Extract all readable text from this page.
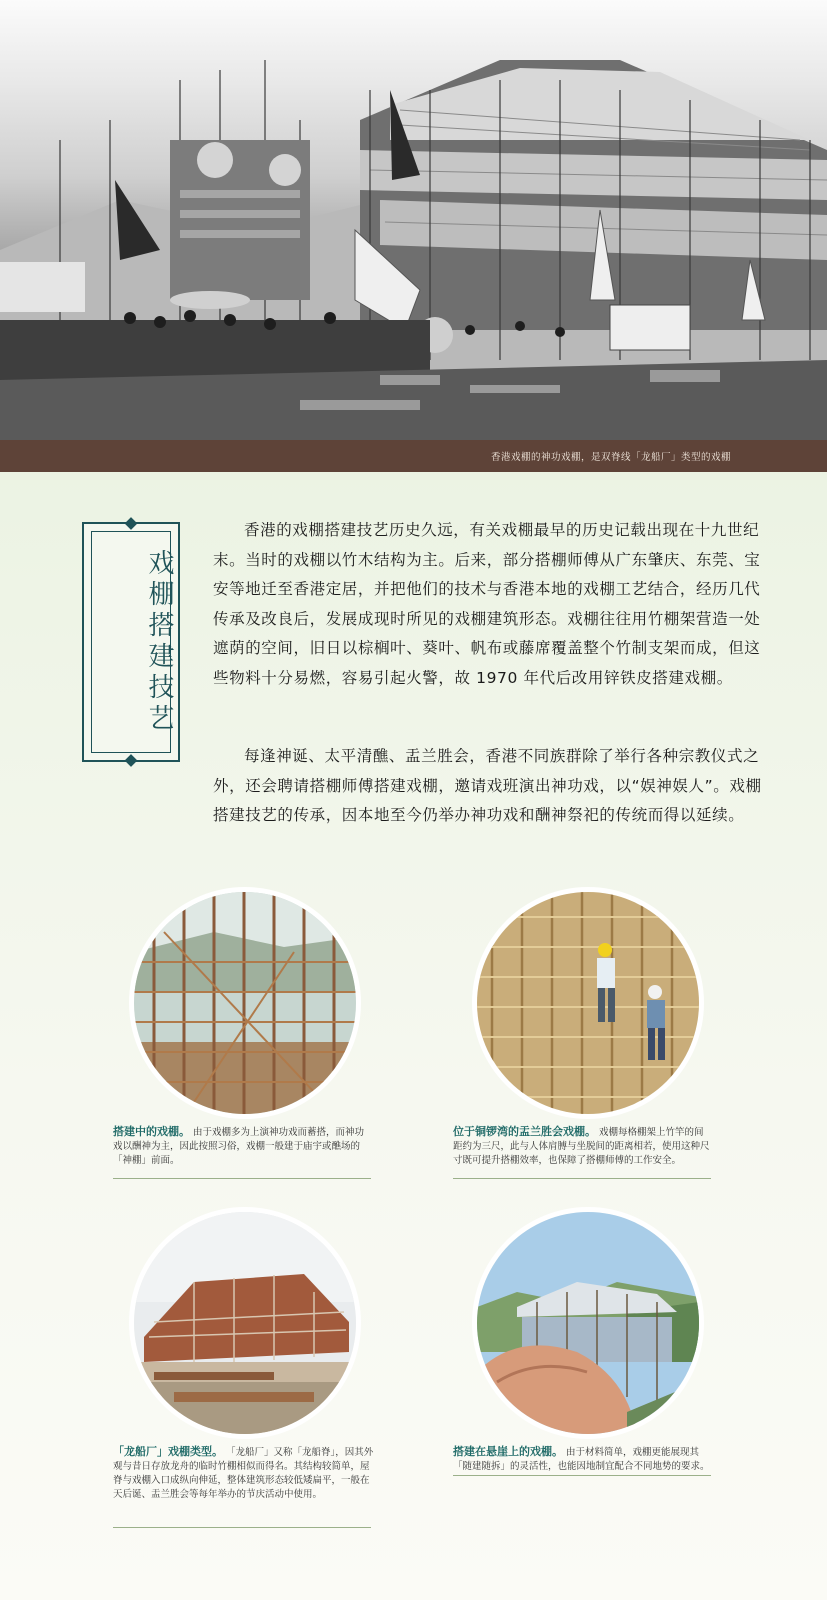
香港戏棚的神功戏棚，是双脊线「龙船厂」类型的戏棚
戏棚搭建技艺

香港的戏棚搭建技艺历史久远，有关戏棚最早的历史记载出现在十九世纪末。当时的戏棚以竹木结构为主。后来，部分搭棚师傅从广东肇庆、东莞、宝安等地迁至香港定居，并把他们的技术与香港本地的戏棚工艺结合，经历几代传承及改良后，发展成现时所见的戏棚建筑形态。戏棚往往用竹棚架营造一处遮荫的空间，旧日以棕榈叶、葵叶、帆布或藤席覆盖整个竹制支架而成，但这些物料十分易燃，容易引起火警，故 1970 年代后改用锌铁皮搭建戏棚。

每逢神诞、太平清醮、盂兰胜会，香港不同族群除了举行各种宗教仪式之外，还会聘请搭棚师傅搭建戏棚，邀请戏班演出神功戏，以“娱神娱人”。戏棚搭建技艺的传承，因本地至今仍举办神功戏和酬神祭祀的传统而得以延续。

搭建中的戏棚。 由于戏棚多为上演神功戏而蓄搭，而神功戏以酬神为主，因此按照习俗，戏棚一般建于庙宇或醮场的「神棚」前面。

位于铜锣湾的盂兰胜会戏棚。 戏棚每格棚架上竹竿的间距约为三尺，此与人体肩膊与坐脱间的距离相若，使用这种尺寸既可提升搭棚效率，也保障了搭棚师傅的工作安全。

「龙船厂」戏棚类型。 「龙船厂」又称「龙船脊」，因其外观与昔日存放龙舟的临时竹棚相似而得名。其结构较简单，屋脊与戏棚入口成纵向伸延，整体建筑形态较低矮扁平，一般在天后诞、盂兰胜会等每年举办的节庆活动中使用。

搭建在悬崖上的戏棚。 由于材料简单，戏棚更能展现其「随建随拆」的灵活性，也能因地制宜配合不同地势的要求。
